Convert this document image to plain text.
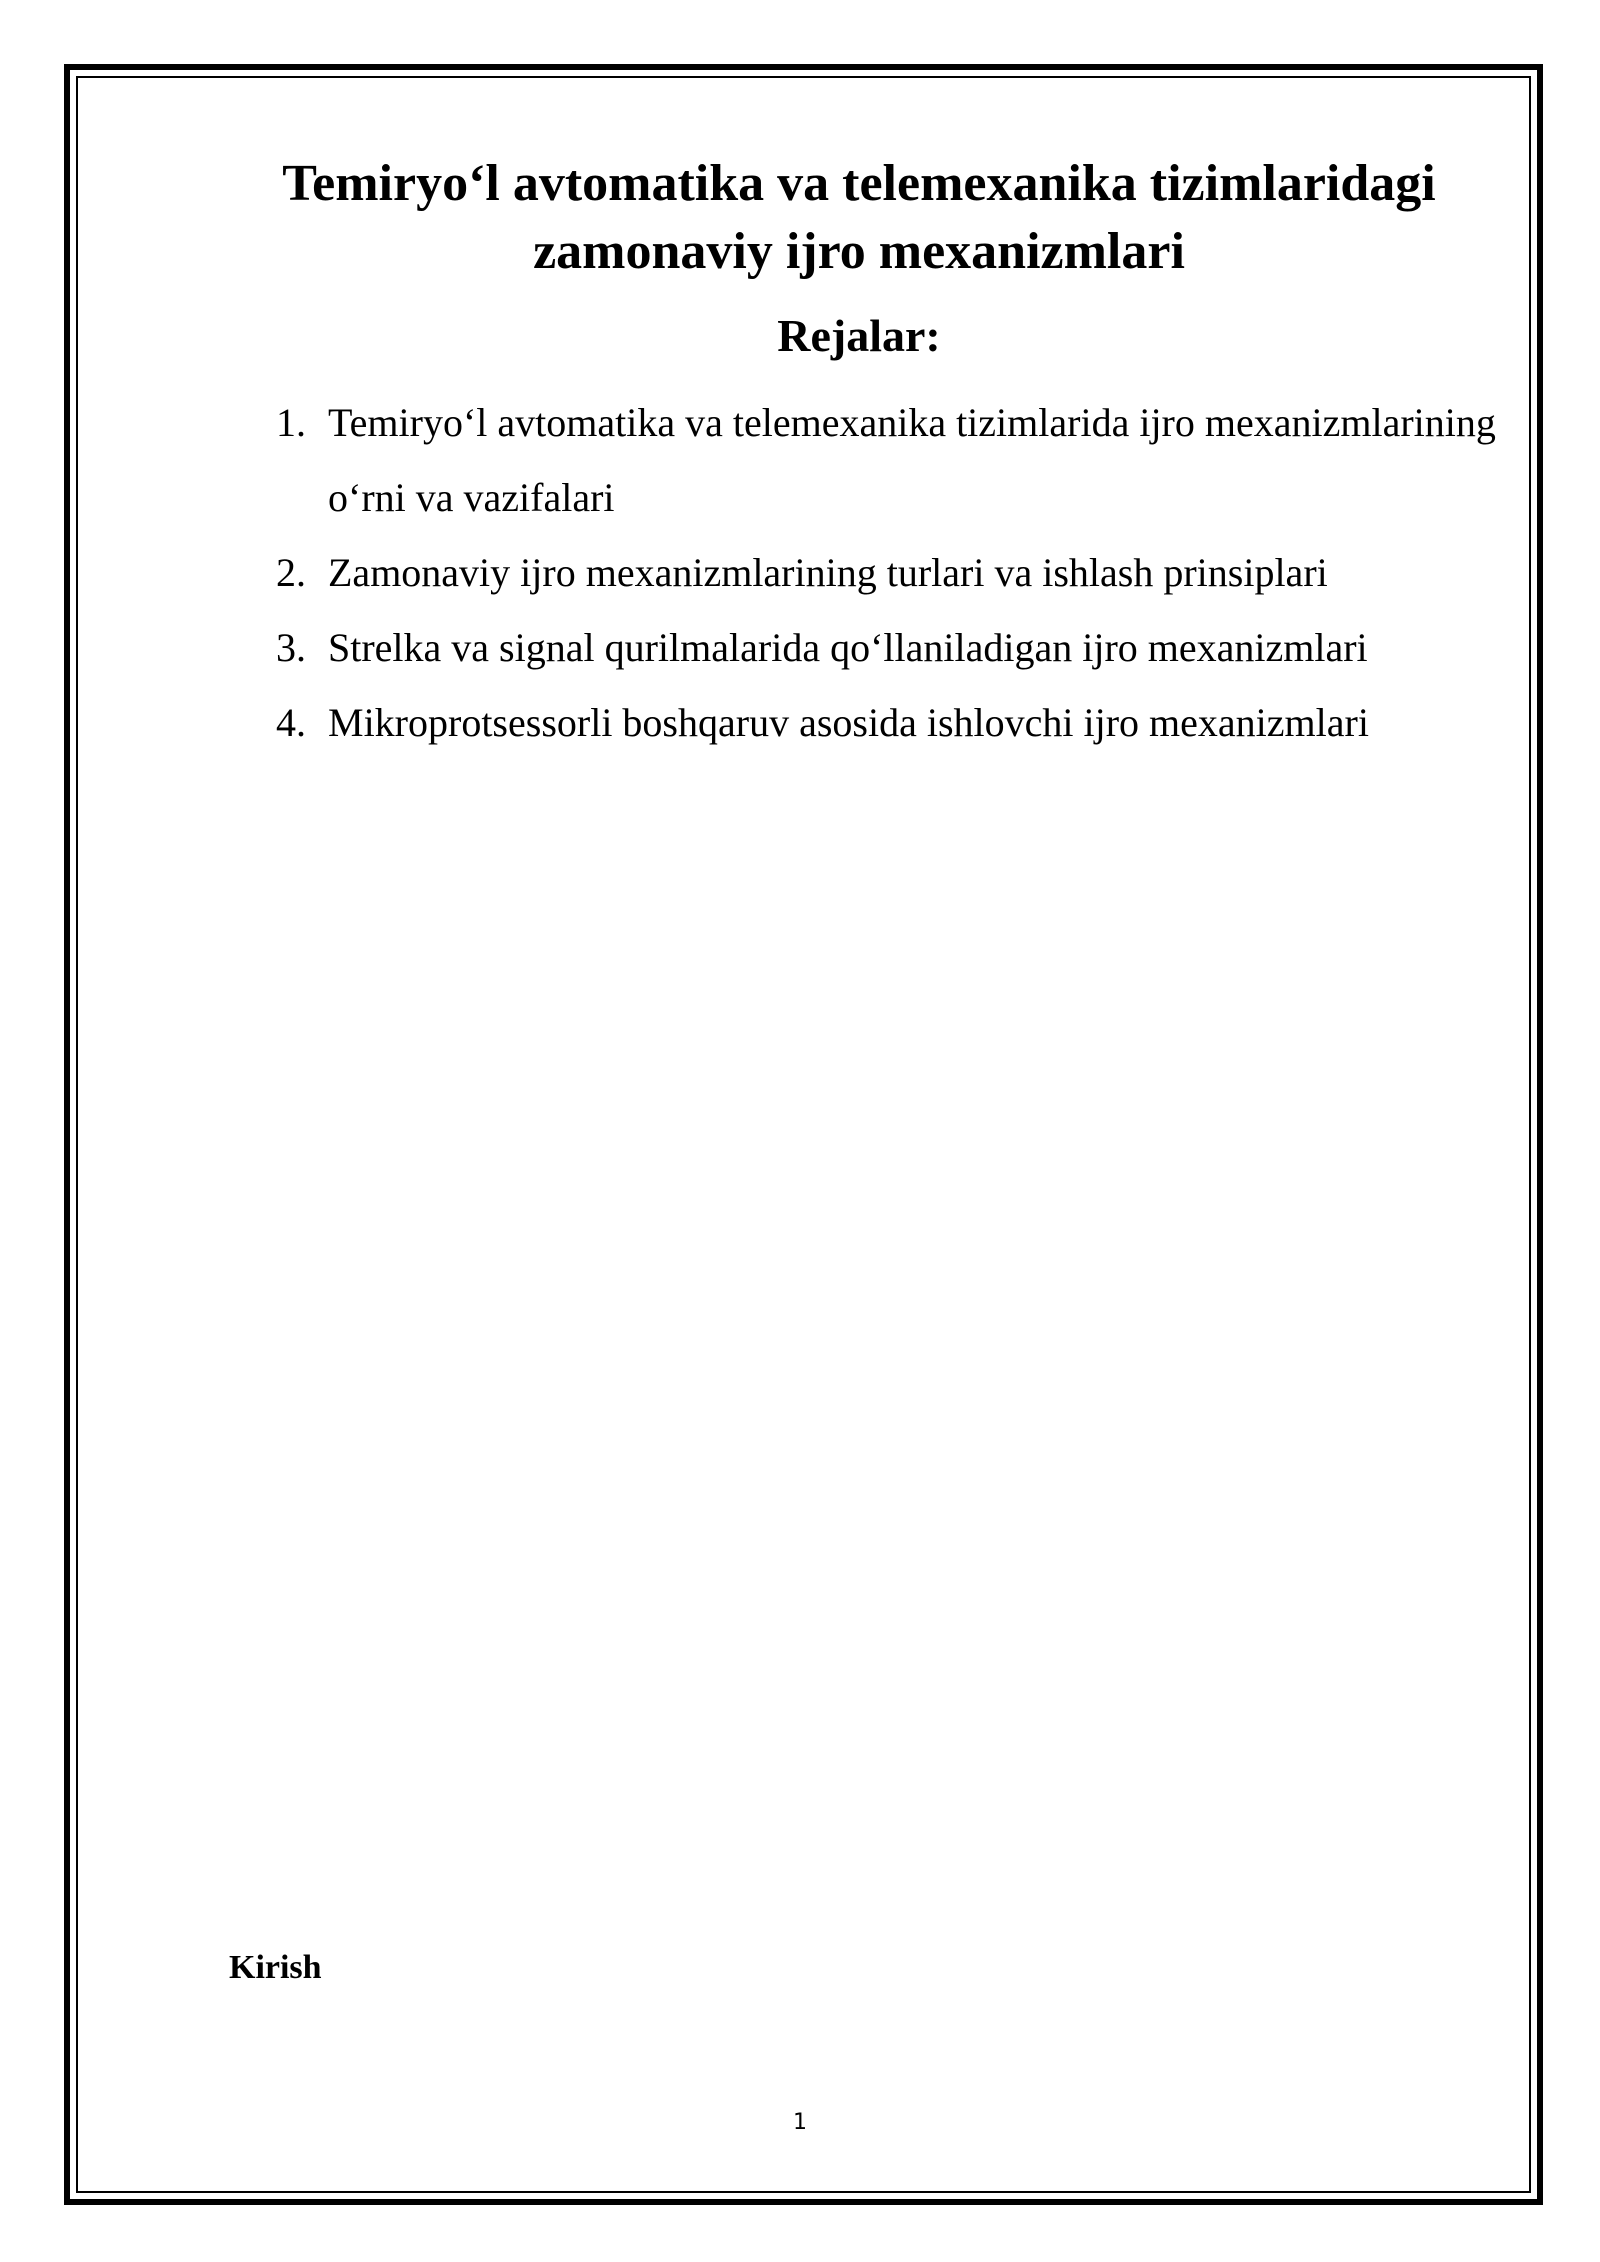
Temiryo‘l avtomatika va telemexanika tizimlaridagi
zamonaviy ijro mexanizmlari
Rejalar:
1. Temiryo‘l avtomatika va telemexanika tizimlarida ijro mexanizmlarining o‘rni va vazifalari
2. Zamonaviy ijro mexanizmlarining turlari va ishlash prinsiplari
3. Strelka va signal qurilmalarida qo‘llaniladigan ijro mexanizmlari
4. Mikroprotsessorli boshqaruv asosida ishlovchi ijro mexanizmlari
Kirish
1
